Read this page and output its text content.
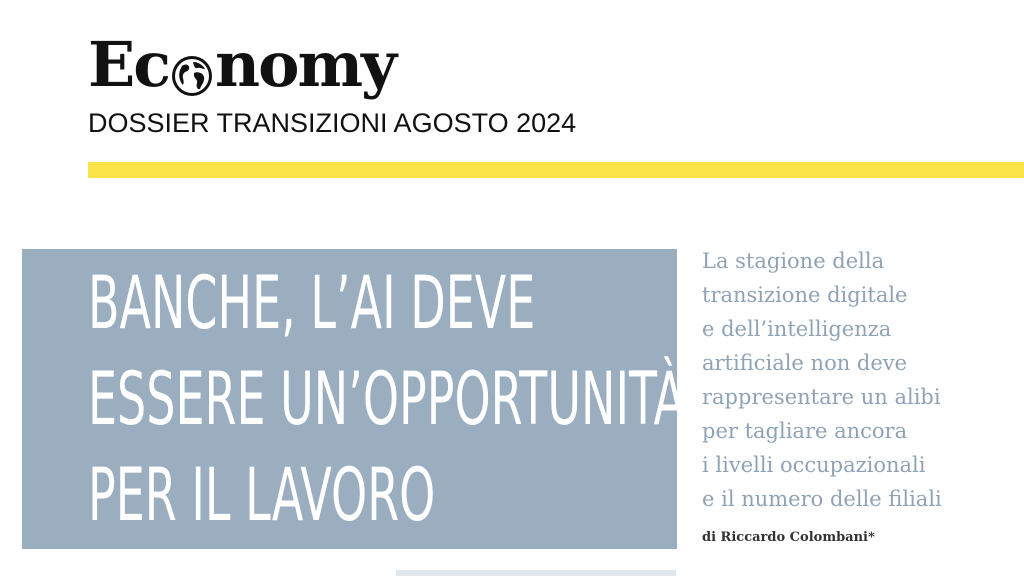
Ec nomy
DOSSIER TRANSIZIONI AGOSTO 2024
BANCHE, L’AI DEVE
ESSERE UN’OPPORTUNITÀ
PER IL LAVORO

La stagione della
transizione digitale
e dell’intelligenza
artificiale non deve
rappresentare un alibi
per tagliare ancora
i livelli occupazionali
e il numero delle filiali

di Riccardo Colombani*
